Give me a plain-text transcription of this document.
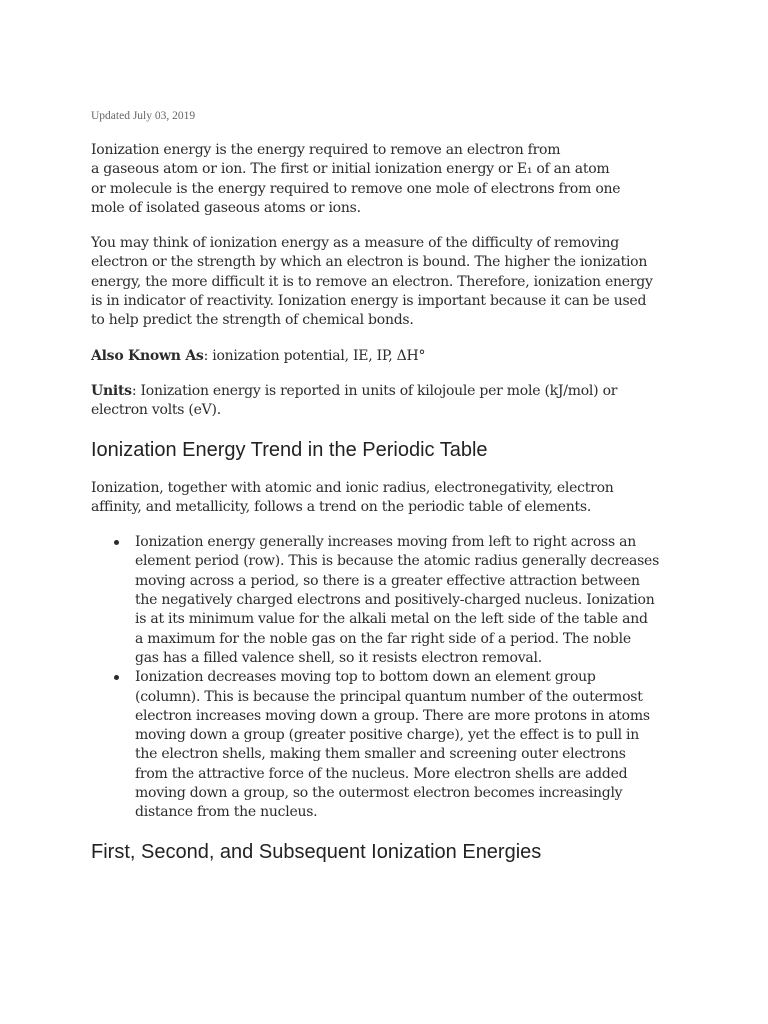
Updated July 03, 2019

Ionization energy is the energy required to remove an electron from
a gaseous atom or ion. The first or initial ionization energy or E₁ of an atom
or molecule is the energy required to remove one mole of electrons from one
mole of isolated gaseous atoms or ions.

You may think of ionization energy as a measure of the difficulty of removing
electron or the strength by which an electron is bound. The higher the ionization
energy, the more difficult it is to remove an electron. Therefore, ionization energy
is in indicator of reactivity. Ionization energy is important because it can be used
to help predict the strength of chemical bonds.

Also Known As: ionization potential, IE, IP, ΔH°

Units: Ionization energy is reported in units of kilojoule per mole (kJ/mol) or
electron volts (eV).

Ionization Energy Trend in the Periodic Table

Ionization, together with atomic and ionic radius, electronegativity, electron
affinity, and metallicity, follows a trend on the periodic table of elements.

Ionization energy generally increases moving from left to right across an
element period (row). This is because the atomic radius generally decreases
moving across a period, so there is a greater effective attraction between
the negatively charged electrons and positively-charged nucleus. Ionization
is at its minimum value for the alkali metal on the left side of the table and
a maximum for the noble gas on the far right side of a period. The noble
gas has a filled valence shell, so it resists electron removal.
Ionization decreases moving top to bottom down an element group
(column). This is because the principal quantum number of the outermost
electron increases moving down a group. There are more protons in atoms
moving down a group (greater positive charge), yet the effect is to pull in
the electron shells, making them smaller and screening outer electrons
from the attractive force of the nucleus. More electron shells are added
moving down a group, so the outermost electron becomes increasingly
distance from the nucleus.
First, Second, and Subsequent Ionization Energies
